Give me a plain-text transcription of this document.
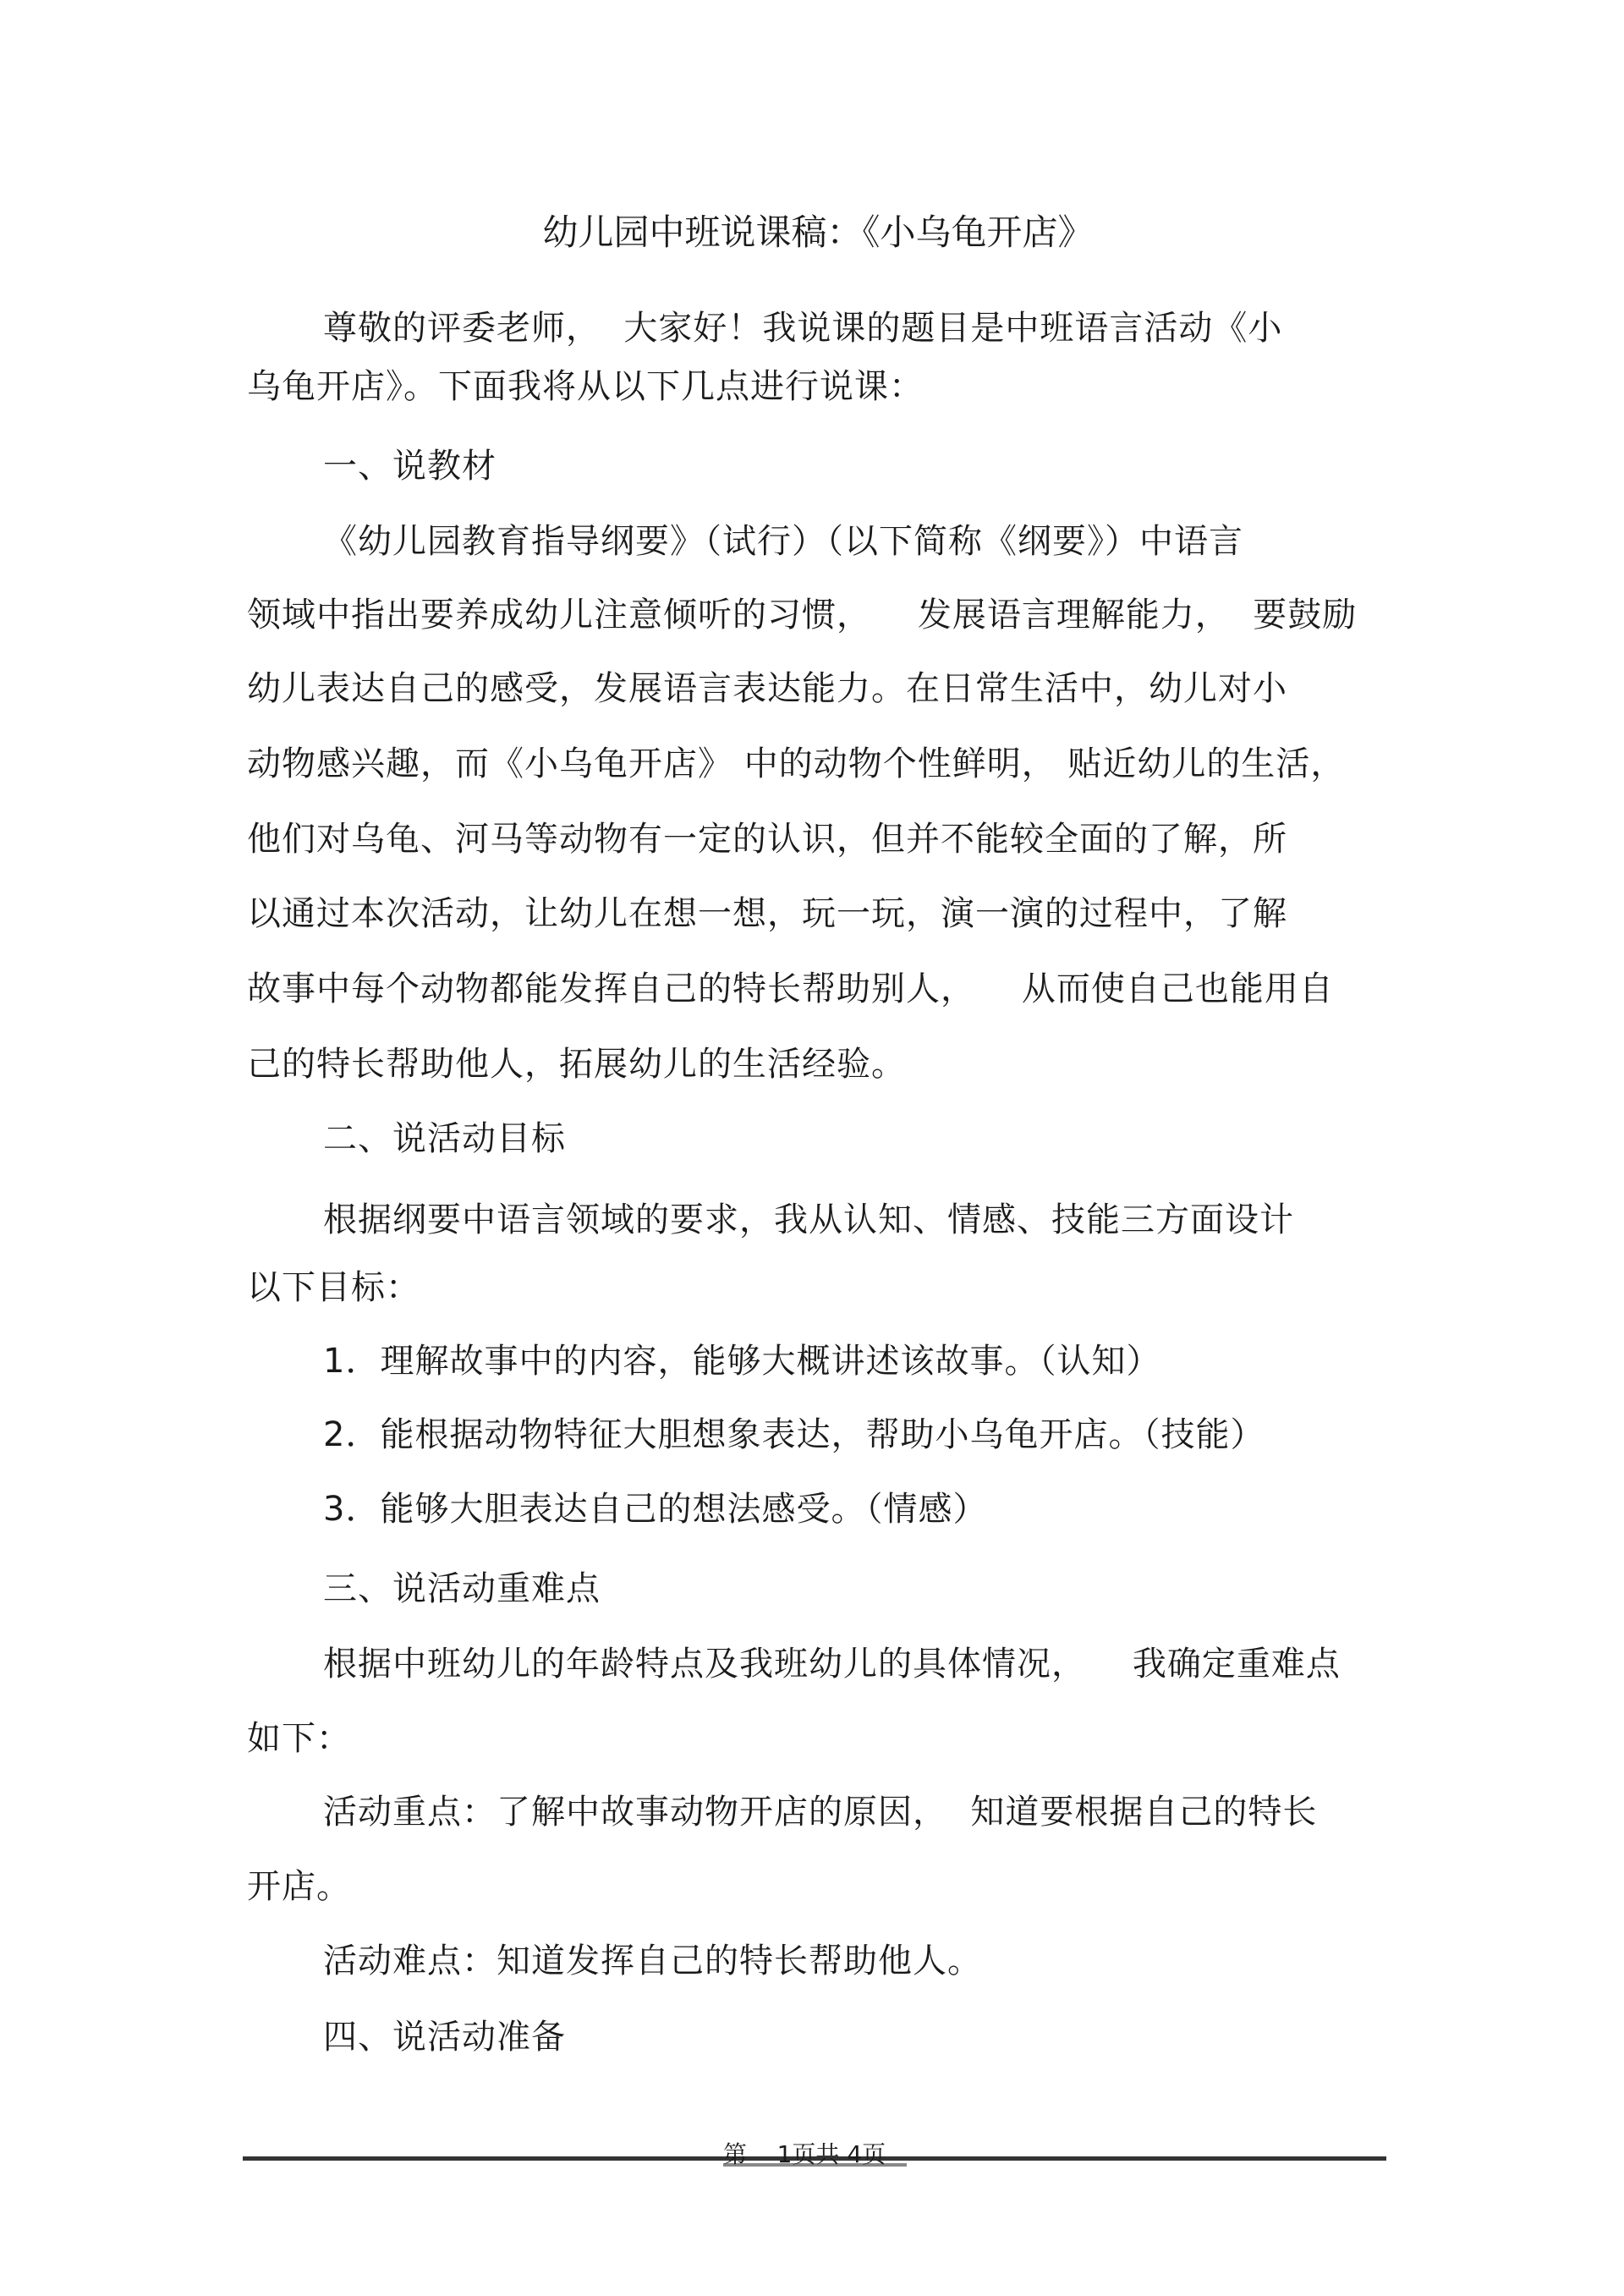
幼儿园中班说课稿：《小乌龟开店》
尊敬的评委老师，  大家好！我说课的题目是中班语言活动《小
乌龟开店》。下面我将从以下几点进行说课：
一、说教材
《幼儿园教育指导纲要》（试行）（以下简称《纲要》）中语言
领域中指出要养成幼儿注意倾听的习惯，    发展语言理解能力，  要鼓励
幼儿表达自己的感受，发展语言表达能力。在日常生活中，幼儿对小
动物感兴趣，而《小乌龟开店》 中的动物个性鲜明， 贴近幼儿的生活，
他们对乌龟、河马等动物有一定的认识，但并不能较全面的了解，所
以通过本次活动，让幼儿在想一想，玩一玩，演一演的过程中，了解
故事中每个动物都能发挥自己的特长帮助别人，    从而使自己也能用自
己的特长帮助他人，拓展幼儿的生活经验。
二、说活动目标
根据纲要中语言领域的要求，我从认知、情感、技能三方面设计
以下目标：
1．理解故事中的内容，能够大概讲述该故事。（认知）
2．能根据动物特征大胆想象表达，帮助小乌龟开店。（技能）
3．能够大胆表达自己的想法感受。（情感）
三、说活动重难点
根据中班幼儿的年龄特点及我班幼儿的具体情况，    我确定重难点
如下：
活动重点：了解中故事动物开店的原因，  知道要根据自己的特长
开店。
活动难点：知道发挥自己的特长帮助他人。
四、说活动准备
第    1页共 4页
